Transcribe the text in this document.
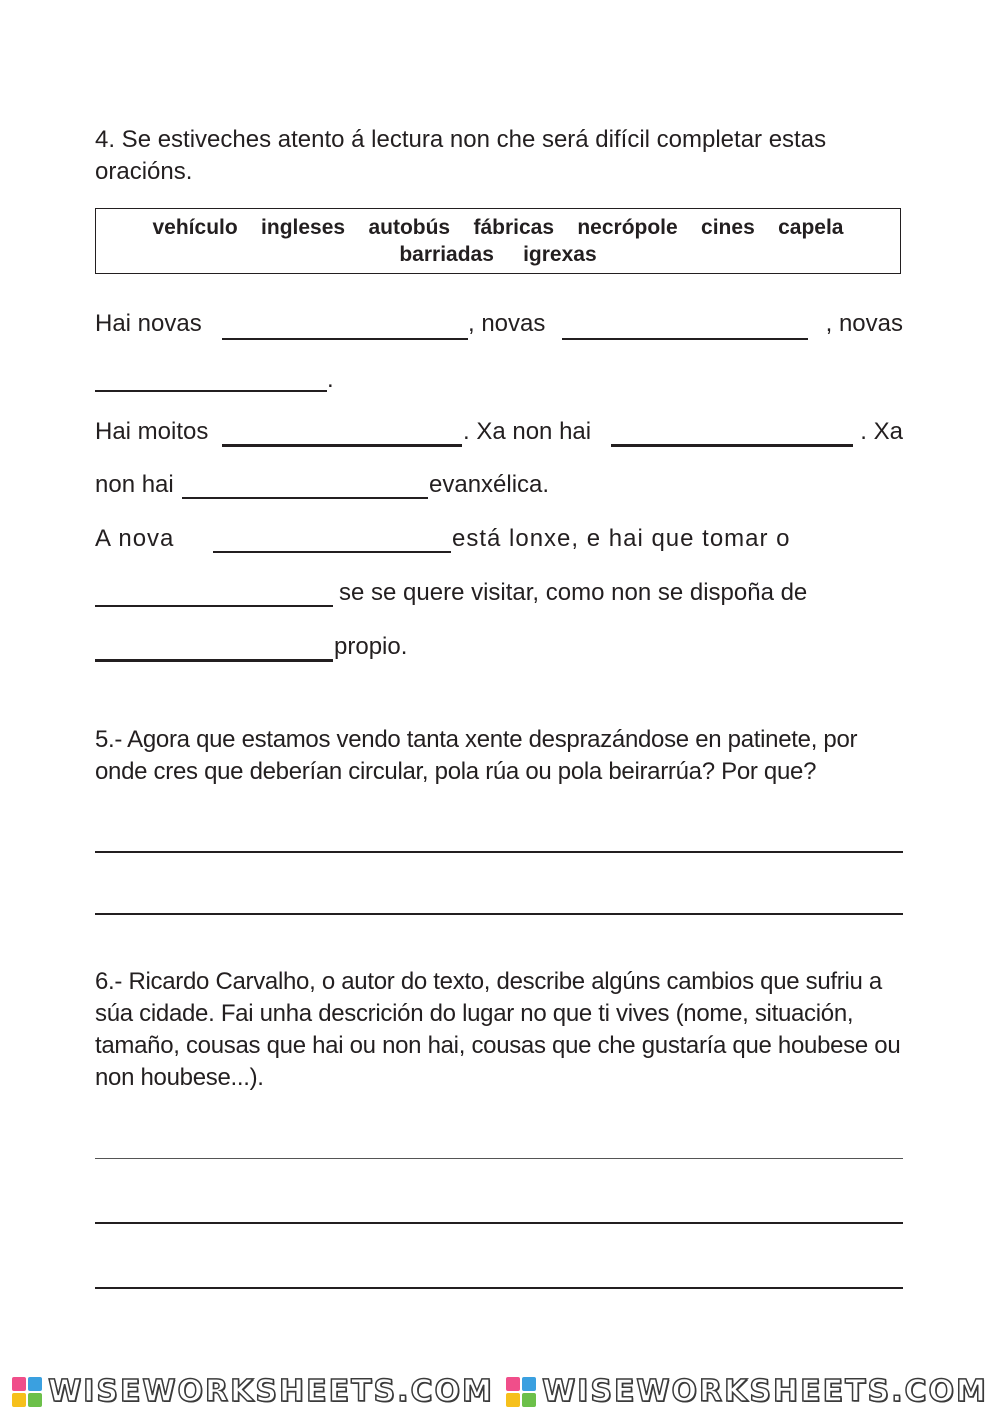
4. Se estiveches atento á lectura non che será difícil completar estas oracións.
vehículo ingleses autobús fábricas necrópole cines capela
barriadas igrexas
Hai novas	, novas	, novas
.
Hai moitos	. Xa non hai	. Xa
non hai	evanxélica.
A nova	está lonxe, e hai que tomar o
se se quere visitar, como non se dispoña de
propio.
5.- Agora que estamos vendo tanta xente desprazándose en patinete, por onde cres que deberían circular, pola rúa ou pola beirarrúa? Por que?
6.- Ricardo Carvalho, o autor do texto, describe algúns cambios que sufriu a súa cidade. Fai unha descrición do lugar no que ti vives (nome, situación, tamaño, cousas que hai ou non hai, cousas que che gustaría que houbese ou non houbese...).
WISEWORKSHEETS.COM WISEWORKSHEETS.COM
